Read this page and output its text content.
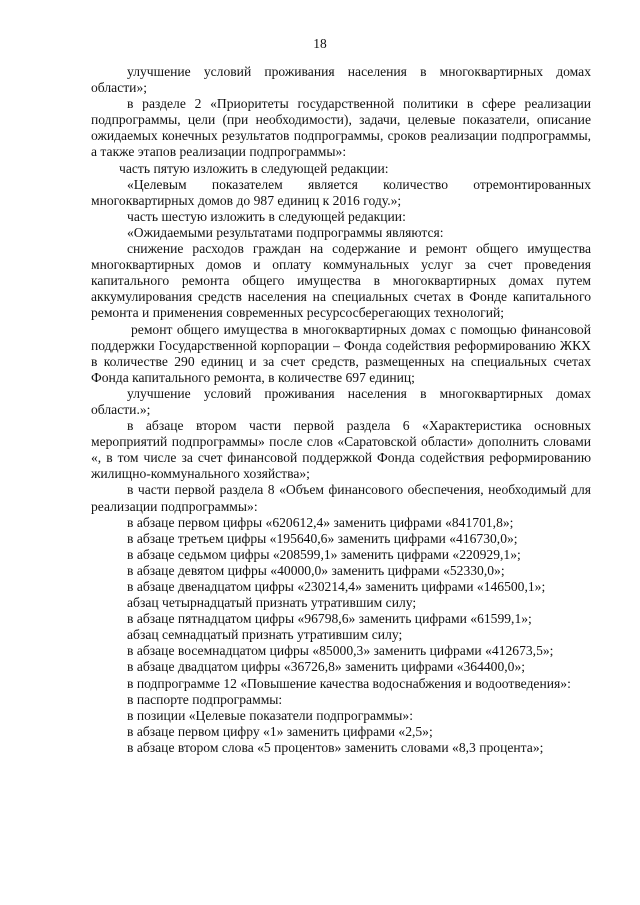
18

улучшение условий проживания населения в многоквартирных домах области»;

в разделе 2 «Приоритеты государственной политики в сфере реализации подпрограммы, цели (при необходимости), задачи, целевые показатели, описание ожидаемых конечных результатов подпрограммы, сроков реализации подпрограммы, а также этапов реализации подпрограммы»:

часть пятую изложить в следующей редакции:

«Целевым показателем является количество отремонтированных многоквартирных домов до 987 единиц к 2016 году.»;

часть шестую изложить в следующей редакции:

«Ожидаемыми результатами подпрограммы являются:

снижение расходов граждан на содержание и ремонт общего имущества многоквартирных домов и оплату коммунальных услуг за счет проведения капитального ремонта общего имущества в многоквартирных домах путем аккумулирования средств населения на специальных счетах в Фонде капитального ремонта и применения современных ресурсосберегающих технологий;

ремонт общего имущества в многоквартирных домах с помощью финансовой поддержки Государственной корпорации – Фонда содействия реформированию ЖКХ в количестве 290 единиц и за счет средств, размещенных на специальных счетах Фонда капитального ремонта, в количестве 697 единиц;

улучшение условий проживания населения в многоквартирных домах области.»;

в абзаце втором части первой раздела 6 «Характеристика основных мероприятий подпрограммы» после слов «Саратовской области» дополнить словами «, в том числе за счет финансовой поддержкой Фонда содействия реформированию жилищно-коммунального хозяйства»;

в части первой раздела 8 «Объем финансового обеспечения, необходимый для реализации подпрограммы»:

в абзаце первом цифры «620612,4» заменить цифрами «841701,8»;

в абзаце третьем цифры «195640,6» заменить цифрами «416730,0»;

в абзаце седьмом цифры «208599,1» заменить цифрами «220929,1»;

в абзаце девятом цифры «40000,0» заменить цифрами «52330,0»;

в абзаце двенадцатом цифры «230214,4» заменить цифрами «146500,1»;

абзац четырнадцатый признать утратившим силу;

в абзаце пятнадцатом цифры «96798,6» заменить цифрами «61599,1»;

абзац семнадцатый признать утратившим силу;

в абзаце восемнадцатом цифры «85000,3» заменить цифрами «412673,5»;

в абзаце двадцатом цифры «36726,8» заменить цифрами «364400,0»;

в подпрограмме 12 «Повышение качества водоснабжения и водоотведения»:

в паспорте подпрограммы:

в позиции «Целевые показатели подпрограммы»:

в абзаце первом цифру «1» заменить цифрами «2,5»;

в абзаце втором слова «5 процентов» заменить словами «8,3 процента»;
